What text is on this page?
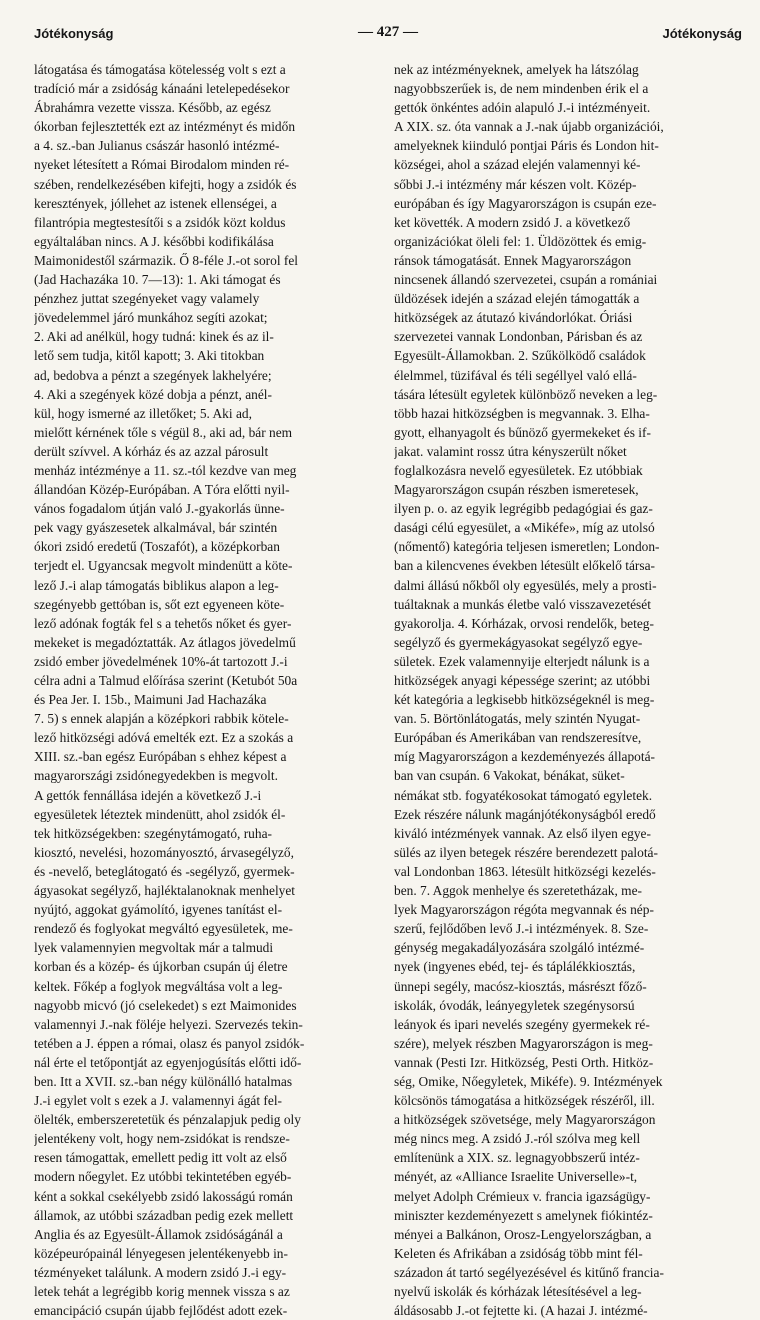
Jótékonyság	— 427 —	Jótékonyság
látogatása és támogatása kötelesség volt s ezt a
tradíció már a zsidóság kánaáni letelepedésekor
Ábrahámra vezette vissza. Később, az egész
ókorban fejlesztették ezt az intézményt és midőn
a 4. sz.-ban Julianus császár hasonló intézmé-
nyeket létesített a Római Birodalom minden ré-
szében, rendelkezésében kifejti, hogy a zsidók és
keresztények, jóllehet az istenek ellenségei, a
filantrópia megtestesítői s a zsidók közt koldus
egyáltalában nincs. A J. későbbi kodifikálása
Maimonidestől származik. Ő 8-féle J.-ot sorol fel
(Jad Hachazáka 10. 7—13): 1. Aki támogat és
pénzhez juttat szegényeket vagy valamely
jövedelemmel járó munkához segíti azokat;
2. Aki ad anélkül, hogy tudná: kinek és az il-
lető sem tudja, kitől kapott; 3. Aki titokban
ad, bedobva a pénzt a szegények lakhelyére;
4. Aki a szegények közé dobja a pénzt, anél-
kül, hogy ismerné az illetőket; 5. Aki ad,
mielőtt kérnének tőle s végül 8., aki ad, bár nem
derült szívvel. A kórház és az azzal párosult
menház intézménye a 11. sz.-tól kezdve van meg
állandóan Közép-Európában. A Tóra előtti nyil-
vános fogadalom útján való J.-gyakorlás ünne-
pek vagy gyászesetek alkalmával, bár szintén
ókori zsidó eredetű (Toszafót), a középkorban
terjedt el. Ugyancsak megvolt mindenütt a köte-
lező J.-i alap támogatás biblikus alapon a leg-
szegényebb gettóban is, sőt ezt egyeneen köte-
lező adónak fogták fel s a tehetős nőket és gyer-
mekeket is megadóztatták. Az átlagos jövedelmű
zsidó ember jövedelmének 10%-át tartozott J.-i
célra adni a Talmud előírása szerint (Ketubót 50a
és Pea Jer. I. 15b., Maimuni Jad Hachazáka
7. 5) s ennek alapján a középkori rabbik kötele-
lező hitközségi adóvá emelték ezt. Ez a szokás a
XIII. sz.-ban egész Európában s ehhez képest a
magyarországi zsidónegyedekben is megvolt.
A gettók fennállása idején a következő J.-i
egyesületek léteztek mindenütt, ahol zsidók él-
tek hitközségekben: szegénytámogató, ruha-
kiosztó, nevelési, hozományosztó, árvasegélyző,
és -nevelő, beteglátogató és -segélyző, gyermek-
ágyasokat segélyző, hajléktalanoknak menhelyet
nyújtó, aggokat gyámolító, igyenes tanítást el-
rendező és foglyokat megváltó egyesületek, me-
lyek valamennyien megvoltak már a talmudi
korban és a közép- és újkorban csupán új életre
keltek. Főkép a foglyok megváltása volt a leg-
nagyobb micvó (jó cselekedet) s ezt Maimonides
valamennyi J.-nak föléje helyezi. Szervezés tekin-
tetében a J. éppen a római, olasz és panyol zsidók-
nál érte el tetőpontját az egyenjogúsítás előtti idő-
ben. Itt a XVII. sz.-ban négy különálló hatalmas
J.-i egylet volt s ezek a J. valamennyi ágát fel-
ölelték, emberszeretetük és pénzalapjuk pedig oly
jelentékeny volt, hogy nem-zsidókat is rendsze-
resen támogattak, emellett pedig itt volt az első
modern nőegylet. Ez utóbbi tekintetében egyéb-
ként a sokkal csekélyebb zsidó lakosságú román
államok, az utóbbi században pedig ezek mellett
Anglia és az Egyesült-Államok zsidóságánál a
középeurópainál lényegesen jelentékenyebb in-
tézményeket találunk. A modern zsidó J.-i egy-
letek tehát a legrégibb korig mennek vissza s az
emancipáció csupán újabb fejlődést adott ezek-
nek az intézményeknek, amelyek ha látszólag
nagyobbszerűek is, de nem mindenben érik el a
gettók önkéntes adóin alapuló J.-i intézményeit.
A XIX. sz. óta vannak a J.-nak újabb organizációi,
amelyeknek kiinduló pontjai Páris és London hit-
községei, ahol a század elején valamennyi ké-
sőbbi J.-i intézmény már készen volt. Közép-
európában és így Magyarországon is csupán eze-
ket követték. A modern zsidó J. a következő
organizációkat öleli fel: 1. Üldözöttek és emig-
ránsok támogatását. Ennek Magyarországon
nincsenek állandó szervezetei, csupán a romániai
üldözések idején a század elején támogatták a
hitközségek az átutazó kivándorlókat. Óriási
szervezetei vannak Londonban, Párisban és az
Egyesült-Államokban. 2. Szűkölködő családok
élelmmel, tüzifával és téli segéllyel való ellá-
tására létesült egyletek különböző neveken a leg-
több hazai hitközségben is megvannak. 3. Elha-
gyott, elhanyagolt és bűnöző gyermekeket és if-
jakat. valamint rossz útra kényszerült nőket
foglalkozásra nevelő egyesületek. Ez utóbbiak
Magyarországon csupán részben ismeretesek,
ilyen p. o. az egyik legrégibb pedagógiai és gaz-
dasági célú egyesület, a «Mikéfe», míg az utolsó
(nőmentő) kategória teljesen ismeretlen; London-
ban a kilencvenes években létesült előkelő társa-
dalmi állású nőkből oly egyesülés, mely a prosti-
tuáltaknak a munkás életbe való visszavezetését
gyakorolja. 4. Kórházak, orvosi rendelők, beteg-
segélyző és gyermekágyasokat segélyző egye-
sületek. Ezek valamennyije elterjedt nálunk is a
hitközségek anyagi képessége szerint; az utóbbi
két kategória a legkisebb hitközségeknél is meg-
van. 5. Börtönlátogatás, mely szintén Nyugat-
Európában és Amerikában van rendszeresítve,
míg Magyarországon a kezdeményezés állapotá-
ban van csupán. 6 Vakokat, bénákat, süket-
némákat stb. fogyatékosokat támogató egyletek.
Ezek részére nálunk magánjótékonyságból eredő
kiváló intézmények vannak. Az első ilyen egye-
sülés az ilyen betegek részére berendezett palotá-
val Londonban 1863. létesült hitközségi kezelés-
ben. 7. Aggok menhelye és szeretetházak, me-
lyek Magyarországon régóta megvannak és nép-
szerű, fejlődőben levő J.-i intézmények. 8. Sze-
génység megakadályozására szolgáló intézmé-
nyek (ingyenes ebéd, tej- és táplálékkiosztás,
ünnepi segély, macósz-kiosztás, másrészt főző-
iskolák, óvodák, leányegyletek szegénysorsú
leányok és ipari nevelés szegény gyermekek ré-
szére), melyek részben Magyarországon is meg-
vannak (Pesti Izr. Hitközség, Pesti Orth. Hitköz-
ség, Omike, Nőegyletek, Mikéfe). 9. Intézmények
kölcsönös támogatása a hitközségek részéről, ill.
a hitközségek szövetsége, mely Magyarországon
még nincs meg. A zsidó J.-ról szólva meg kell
említenünk a XIX. sz. legnagyobbszerű intéz-
ményét, az «Alliance Israelite Universelle»-t,
melyet Adolph Crémieux v. francia igazságügy-
miniszter kezdeményezett s amelynek fiókintéz-
ményei a Balkánon, Orosz-Lengyelországban, a
Keleten és Afrikában a zsidóság több mint fél-
századon át tartó segélyezésével és kitűnő francia-
nyelvű iskolák és kórházak létesítésével a leg-
áldásosabb J.-ot fejtette ki. (A hazai J. intézmé-
